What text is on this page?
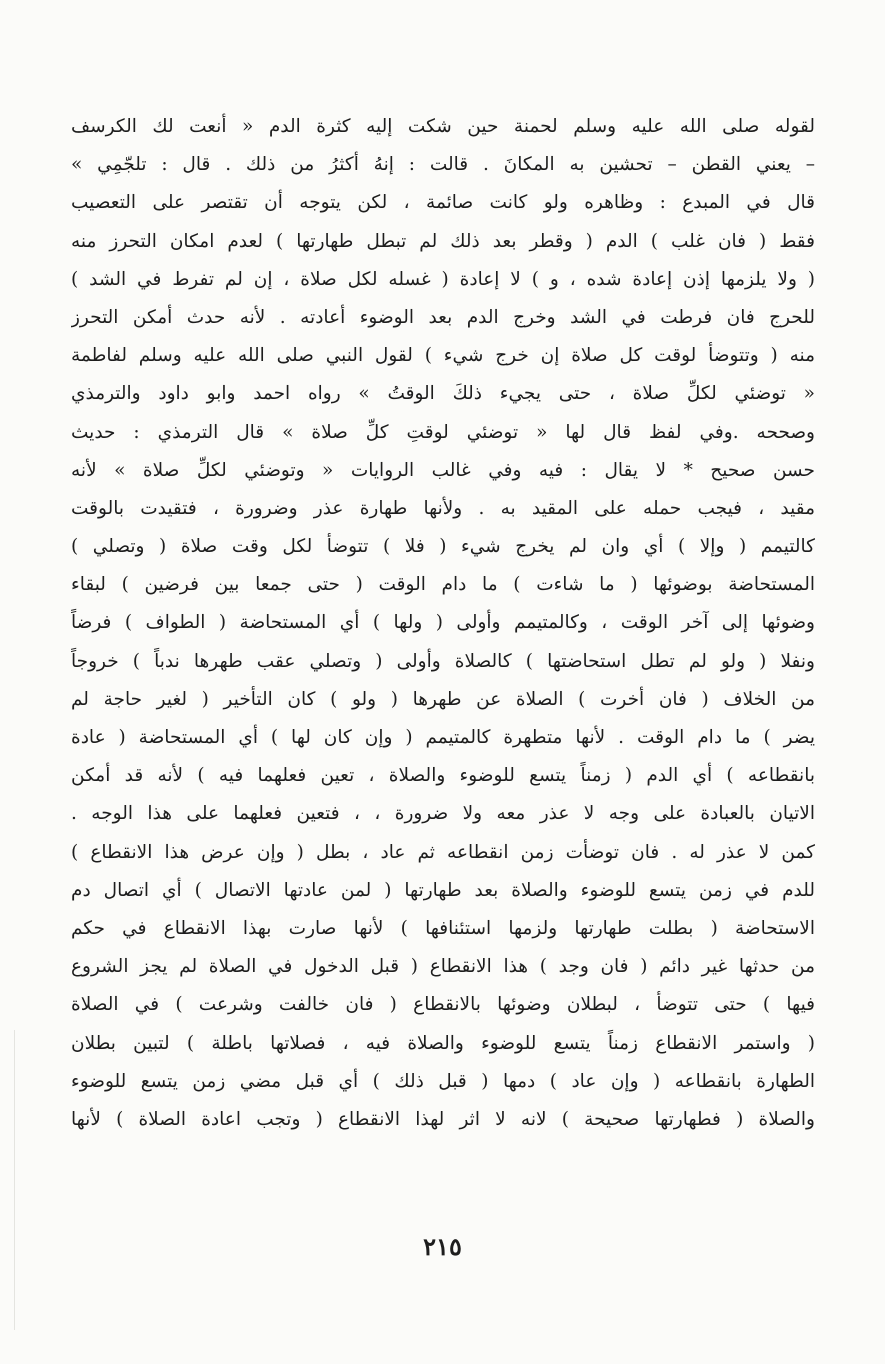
لقوله صلى الله عليه وسلم لحمنة حين شكت إليه كثرة الدم « أنعت لك الكرسف
– يعني القطن – تحشين به المكانَ . قالت : إنهُ أكثرُ من ذلك . قال : تلجّمِي »
قال في المبدع : وظاهره ولو كانت صائمة ، لكن يتوجه أن تقتصر على التعصيب
فقط ( فان غلب ) الدم ( وقطر بعد ذلك لم تبطل طهارتها ) لعدم امكان التحرز منه
( ولا يلزمها إذن إعادة شده ، و ) لا إعادة ( غسله لكل صلاة ، إن لم تفرط في الشد )
للحرج فان فرطت في الشد وخرج الدم بعد الوضوء أعادته . لأنه حدث أمكن التحرز
منه ( وتتوضأ لوقت كل صلاة إن خرج شيء ) لقول النبي صلى الله عليه وسلم لفاطمة
« توضئي لكلِّ صلاة ، حتى يجيء ذلكَ الوقتُ » رواه احمد وابو داود والترمذي
وصححه .وفي لفظ قال لها « توضئي لوقتِ كلِّ صلاة » قال الترمذي : حديث
حسن صحيح * لا يقال : فيه وفي غالب الروايات « وتوضئي لكلِّ صلاة » لأنه
مقيد ، فيجب حمله على المقيد به . ولأنها طهارة عذر وضرورة ، فتقيدت بالوقت
كالتيمم ( وإلا ) أي وان لم يخرج شيء ( فلا ) تتوضأ لكل وقت صلاة ( وتصلي )
المستحاضة بوضوئها ( ما شاءت ) ما دام الوقت ( حتى جمعا بين فرضين ) لبقاء
وضوئها إلى آخر الوقت ، وكالمتيمم وأولى ( ولها ) أي المستحاضة ( الطواف ) فرضاً
ونفلا ( ولو لم تطل استحاضتها ) كالصلاة وأولى ( وتصلي عقب طهرها ندباً ) خروجاً
من الخلاف ( فان أخرت ) الصلاة عن طهرها ( ولو ) كان التأخير ( لغير حاجة لم
يضر ) ما دام الوقت . لأنها متطهرة كالمتيمم ( وإن كان لها ) أي المستحاضة ( عادة
بانقطاعه ) أي الدم ( زمناً يتسع للوضوء والصلاة ، تعين فعلهما فيه ) لأنه قد أمكن
الاتيان بالعبادة على وجه لا عذر معه ولا ضرورة ، ، فتعين فعلهما على هذا الوجه .
كمن لا عذر له . فان توضأت زمن انقطاعه ثم عاد ، بطل ( وإن عرض هذا الانقطاع )
للدم في زمن يتسع للوضوء والصلاة بعد طهارتها ( لمن عادتها الاتصال ) أي اتصال دم
الاستحاضة ( بطلت طهارتها ولزمها استئنافها ) لأنها صارت بهذا الانقطاع في حكم
من حدثها غير دائم ( فان وجد ) هذا الانقطاع ( قبل الدخول في الصلاة لم يجز الشروع
فيها ) حتى تتوضأ ، لبطلان وضوئها بالانقطاع ( فان خالفت وشرعت ) في الصلاة
( واستمر الانقطاع زمناً يتسع للوضوء والصلاة فيه ، فصلاتها باطلة ) لتبين بطلان
الطهارة بانقطاعه ( وإن عاد ) دمها ( قبل ذلك ) أي قبل مضي زمن يتسع للوضوء
والصلاة ( فطهارتها صحيحة ) لانه لا اثر لهذا الانقطاع ( وتجب اعادة الصلاة ) لأنها
٢١٥
